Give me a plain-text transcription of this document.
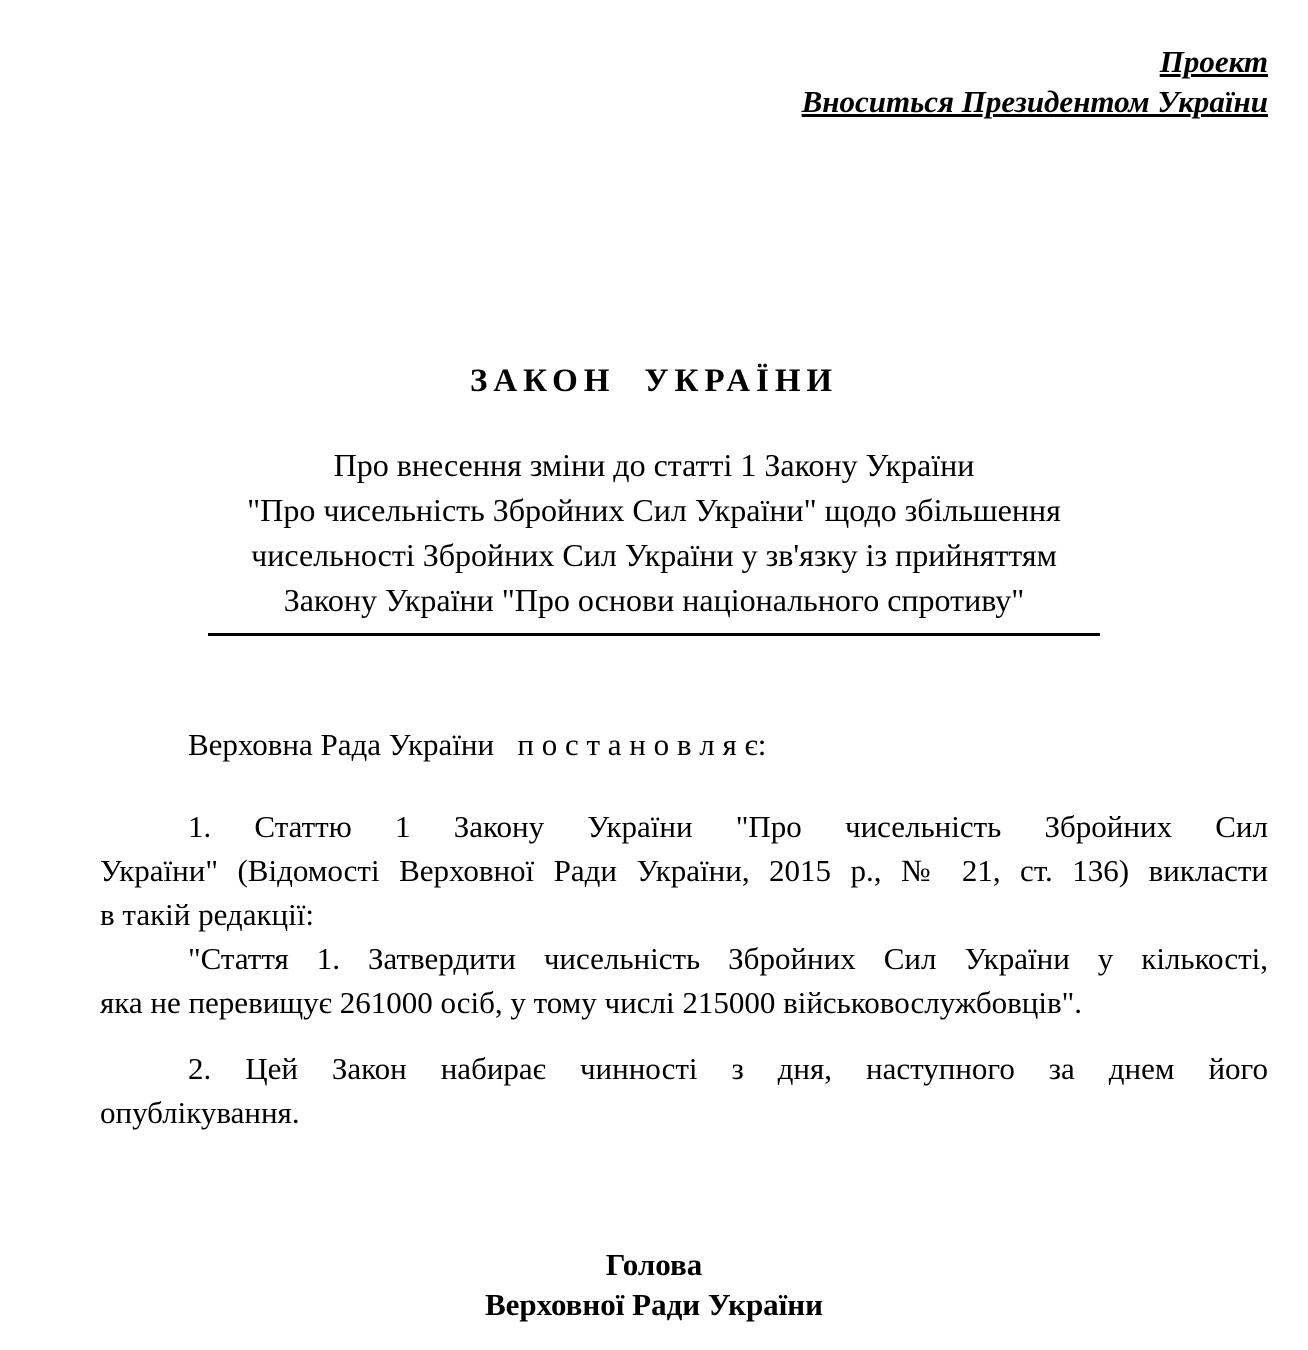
Проект
Вноситься Президентом України
ЗАКОН УКРАЇНИ
Про внесення зміни до статті 1 Закону України
"Про чисельність Збройних Сил України" щодо збільшення
чисельності Збройних Сил України у зв'язку із прийняттям
Закону України "Про основи національного спротиву"
Верховна Рада України   п о с т а н о в л я є:
1. Статтю 1 Закону України "Про чисельність Збройних Сил
України" (Відомості Верховної Ради України, 2015 р., № 21, ст. 136) викласти
в такій редакції:
"Стаття 1. Затвердити чисельність Збройних Сил України у кількості,
яка не перевищує 261000 осіб, у тому числі 215000 військовослужбовців".
2. Цей Закон набирає чинності з дня, наступного за днем його
опублікування.
Голова
Верховної Ради України
